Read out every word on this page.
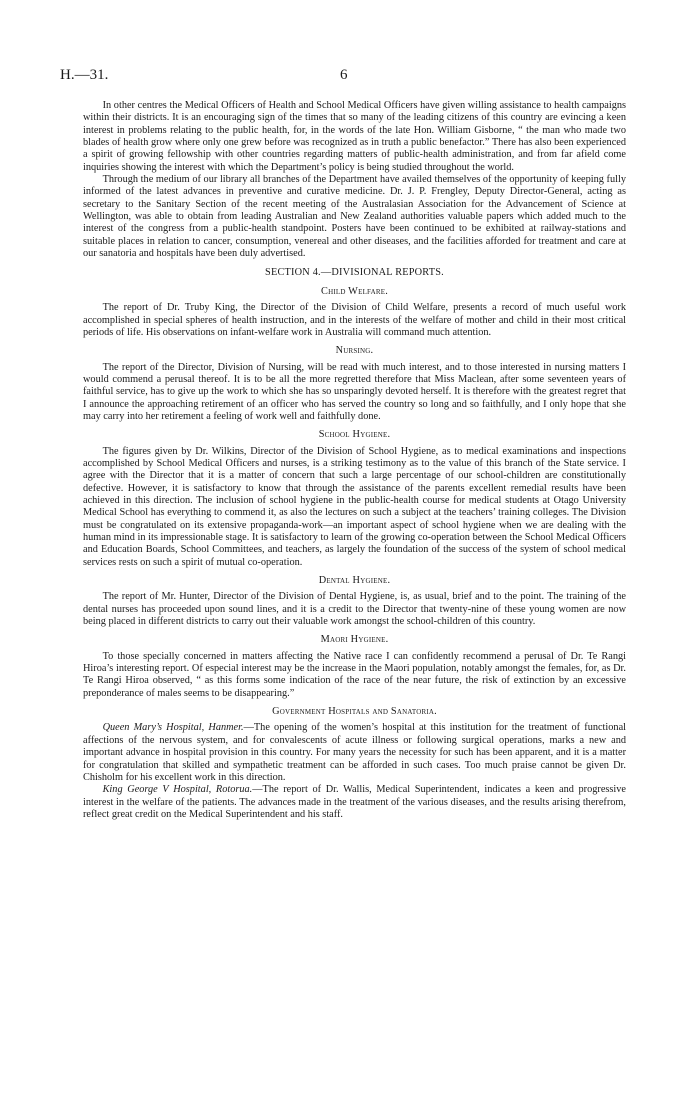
H.—31.	6

In other centres the Medical Officers of Health and School Medical Officers have given willing assistance to health campaigns within their districts. It is an encouraging sign of the times that so many of the leading citizens of this country are evincing a keen interest in problems relating to the public health, for, in the words of the late Hon. William Gisborne, “ the man who made two blades of health grow where only one grew before was recognized as in truth a public benefactor.” There has also been experienced a spirit of growing fellowship with other countries regarding matters of public-health administration, and from far afield come inquiries showing the interest with which the Department’s policy is being studied throughout the world.

Through the medium of our library all branches of the Department have availed themselves of the opportunity of keeping fully informed of the latest advances in preventive and curative medicine. Dr. J. P. Frengley, Deputy Director-General, acting as secretary to the Sanitary Section of the recent meeting of the Australasian Association for the Advancement of Science at Wellington, was able to obtain from leading Australian and New Zealand authorities valuable papers which added much to the interest of the congress from a public-health standpoint. Posters have been continued to be exhibited at railway-stations and suitable places in relation to cancer, consumption, venereal and other diseases, and the facilities afforded for treatment and care at our sanatoria and hospitals have been duly advertised.

SECTION 4.—DIVISIONAL REPORTS.
Child Welfare.

The report of Dr. Truby King, the Director of the Division of Child Welfare, presents a record of much useful work accomplished in special spheres of health instruction, and in the interests of the welfare of mother and child in their most critical periods of life. His observations on infant-welfare work in Australia will command much attention.

Nursing.

The report of the Director, Division of Nursing, will be read with much interest, and to those interested in nursing matters I would commend a perusal thereof. It is to be all the more regretted therefore that Miss Maclean, after some seventeen years of faithful service, has to give up the work to which she has so unsparingly devoted herself. It is therefore with the greatest regret that I announce the approaching retirement of an officer who has served the country so long and so faithfully, and I only hope that she may carry into her retirement a feeling of work well and faithfully done.

School Hygiene.

The figures given by Dr. Wilkins, Director of the Division of School Hygiene, as to medical examinations and inspections accomplished by School Medical Officers and nurses, is a striking testimony as to the value of this branch of the State service. I agree with the Director that it is a matter of concern that such a large percentage of our school-children are constitutionally defective. However, it is satisfactory to know that through the assistance of the parents excellent remedial results have been achieved in this direction. The inclusion of school hygiene in the public-health course for medical students at Otago University Medical School has everything to commend it, as also the lectures on such a subject at the teachers’ training colleges. The Division must be congratulated on its extensive propaganda-work—an important aspect of school hygiene when we are dealing with the human mind in its impressionable stage. It is satisfactory to learn of the growing co-operation between the School Medical Officers and Education Boards, School Committees, and teachers, as largely the foundation of the success of the system of school medical services rests on such a spirit of mutual co-operation.

Dental Hygiene.

The report of Mr. Hunter, Director of the Division of Dental Hygiene, is, as usual, brief and to the point. The training of the dental nurses has proceeded upon sound lines, and it is a credit to the Director that twenty-nine of these young women are now being placed in different districts to carry out their valuable work amongst the school-children of this country.

Maori Hygiene.

To those specially concerned in matters affecting the Native race I can confidently recommend a perusal of Dr. Te Rangi Hiroa’s interesting report. Of especial interest may be the increase in the Maori population, notably amongst the females, for, as Dr. Te Rangi Hiroa observed, “ as this forms some indication of the race of the near future, the risk of extinction by an excessive preponderance of males seems to be disappearing.”

Government Hospitals and Sanatoria.

Queen Mary’s Hospital, Hanmer.—The opening of the women’s hospital at this institution for the treatment of functional affections of the nervous system, and for convalescents of acute illness or following surgical operations, marks a new and important advance in hospital provision in this country. For many years the necessity for such has been apparent, and it is a matter for congratulation that skilled and sympathetic treatment can be afforded in such cases. Too much praise cannot be given Dr. Chisholm for his excellent work in this direction.

King George V Hospital, Rotorua.—The report of Dr. Wallis, Medical Superintendent, indicates a keen and progressive interest in the welfare of the patients. The advances made in the treatment of the various diseases, and the results arising therefrom, reflect great credit on the Medical Superintendent and his staff.
